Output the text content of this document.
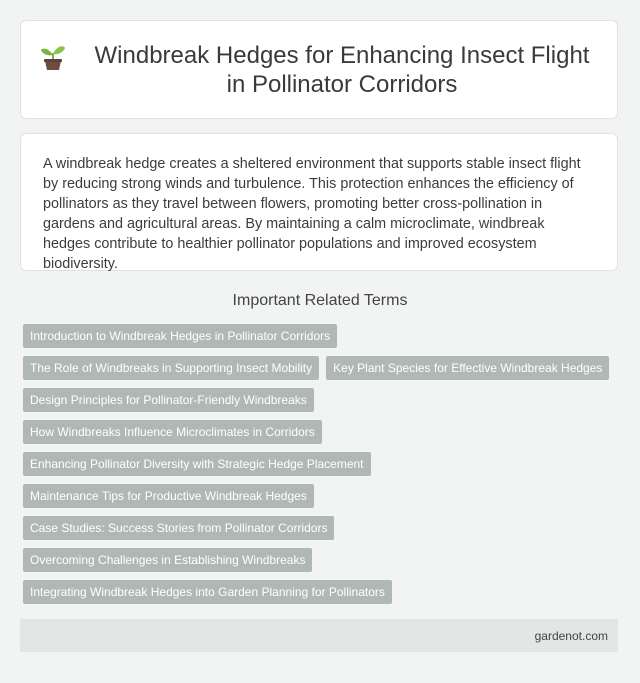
Windbreak Hedges for Enhancing Insect Flight in Pollinator Corridors

A windbreak hedge creates a sheltered environment that supports stable insect flight by reducing strong winds and turbulence. This protection enhances the efficiency of pollinators as they travel between flowers, promoting better cross-pollination in gardens and agricultural areas. By maintaining a calm microclimate, windbreak hedges contribute to healthier pollinator populations and improved ecosystem biodiversity.

Important Related Terms
Introduction to Windbreak Hedges in Pollinator Corridors
The Role of Windbreaks in Supporting Insect Mobility	Key Plant Species for Effective Windbreak Hedges
Design Principles for Pollinator-Friendly Windbreaks
How Windbreaks Influence Microclimates in Corridors
Enhancing Pollinator Diversity with Strategic Hedge Placement
Maintenance Tips for Productive Windbreak Hedges
Case Studies: Success Stories from Pollinator Corridors
Overcoming Challenges in Establishing Windbreaks
Integrating Windbreak Hedges into Garden Planning for Pollinators
gardenot.com
